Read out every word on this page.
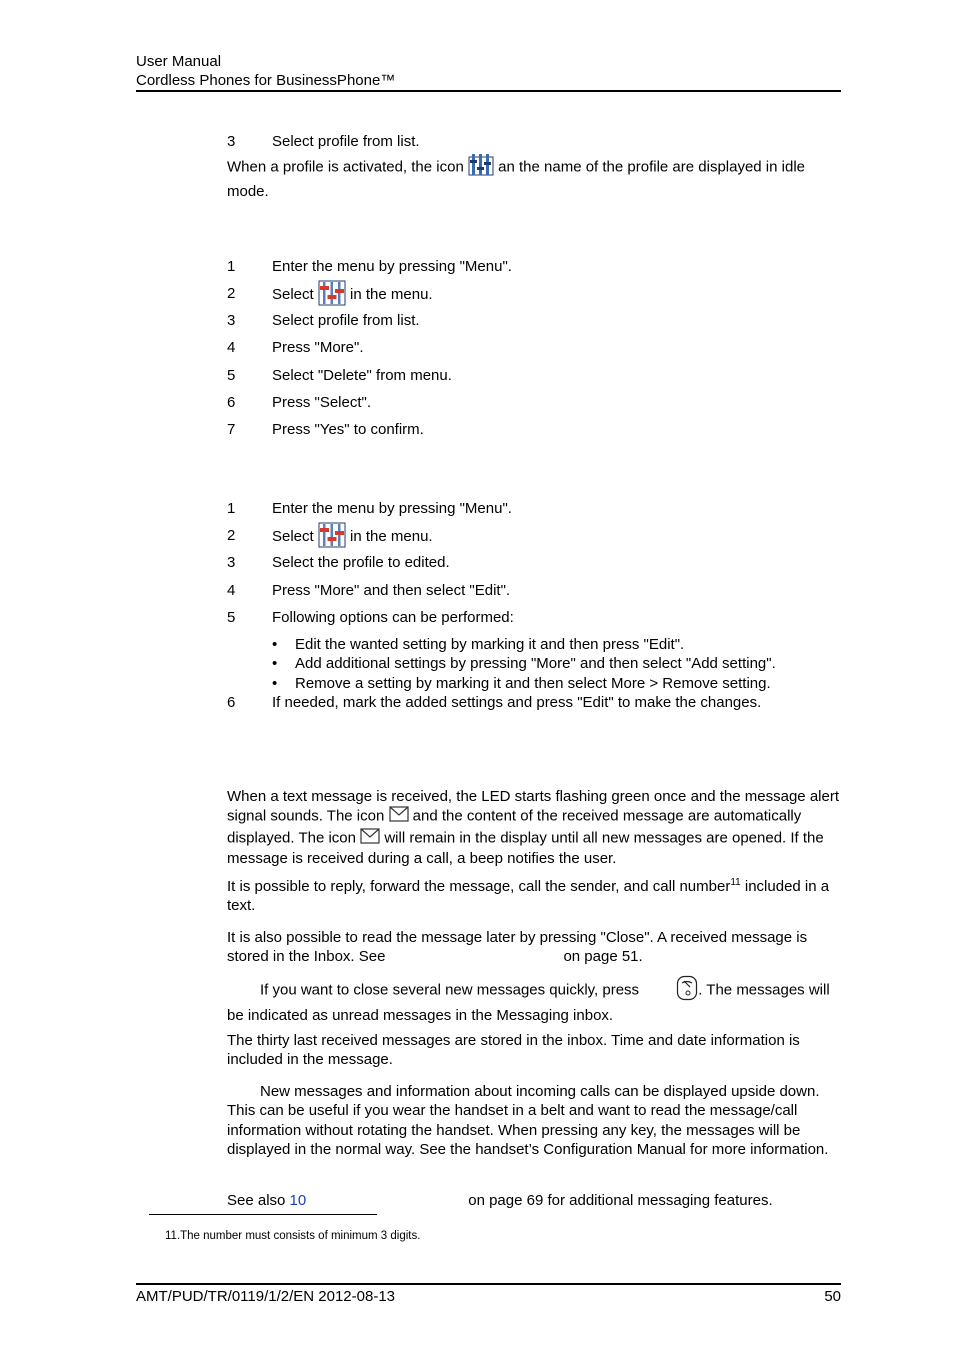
User Manual
Cordless Phones for BusinessPhone™
3 Select profile from list.
When a profile is activated, the icon an the name of the profile are displayed in idle mode.
1 Enter the menu by pressing "Menu".
2 Select in the menu.
3 Select profile from list.
4 Press "More".
5 Select "Delete" from menu.
6 Press "Select".
7 Press "Yes" to confirm.
1 Enter the menu by pressing "Menu".
2 Select in the menu.
3 Select the profile to edited.
4 Press "More" and then select "Edit".
5 Following options can be performed:
• Edit the wanted setting by marking it and then press "Edit".
• Add additional settings by pressing "More" and then select "Add setting".
• Remove a setting by marking it and then select More > Remove setting.
6 If needed, mark the added settings and press "Edit" to make the changes.
When a text message is received, the LED starts flashing green once and the message alert signal sounds. The icon and the content of the received message are automatically displayed. The icon will remain in the display until all new messages are opened. If the message is received during a call, a beep notifies the user.
It is possible to reply, forward the message, call the sender, and call number$^{11}$ included in a text.
It is also possible to read the message later by pressing "Close". A received message is stored in the Inbox. See	on page 51.
If you want to close several new messages quickly, press	. The messages will be indicated as unread messages in the Messaging inbox.
The thirty last received messages are stored in the inbox. Time and date information is included in the message.
New messages and information about incoming calls can be displayed upside down. This can be useful if you wear the handset in a belt and want to read the message/call information without rotating the handset. When pressing any key, the messages will be displayed in the normal way. See the handset’s Configuration Manual for more information.
See also 10	on page 69 for additional messaging features.
11.The number must consists of minimum 3 digits.
AMT/PUD/TR/0119/1/2/EN 2012-08-13	50
